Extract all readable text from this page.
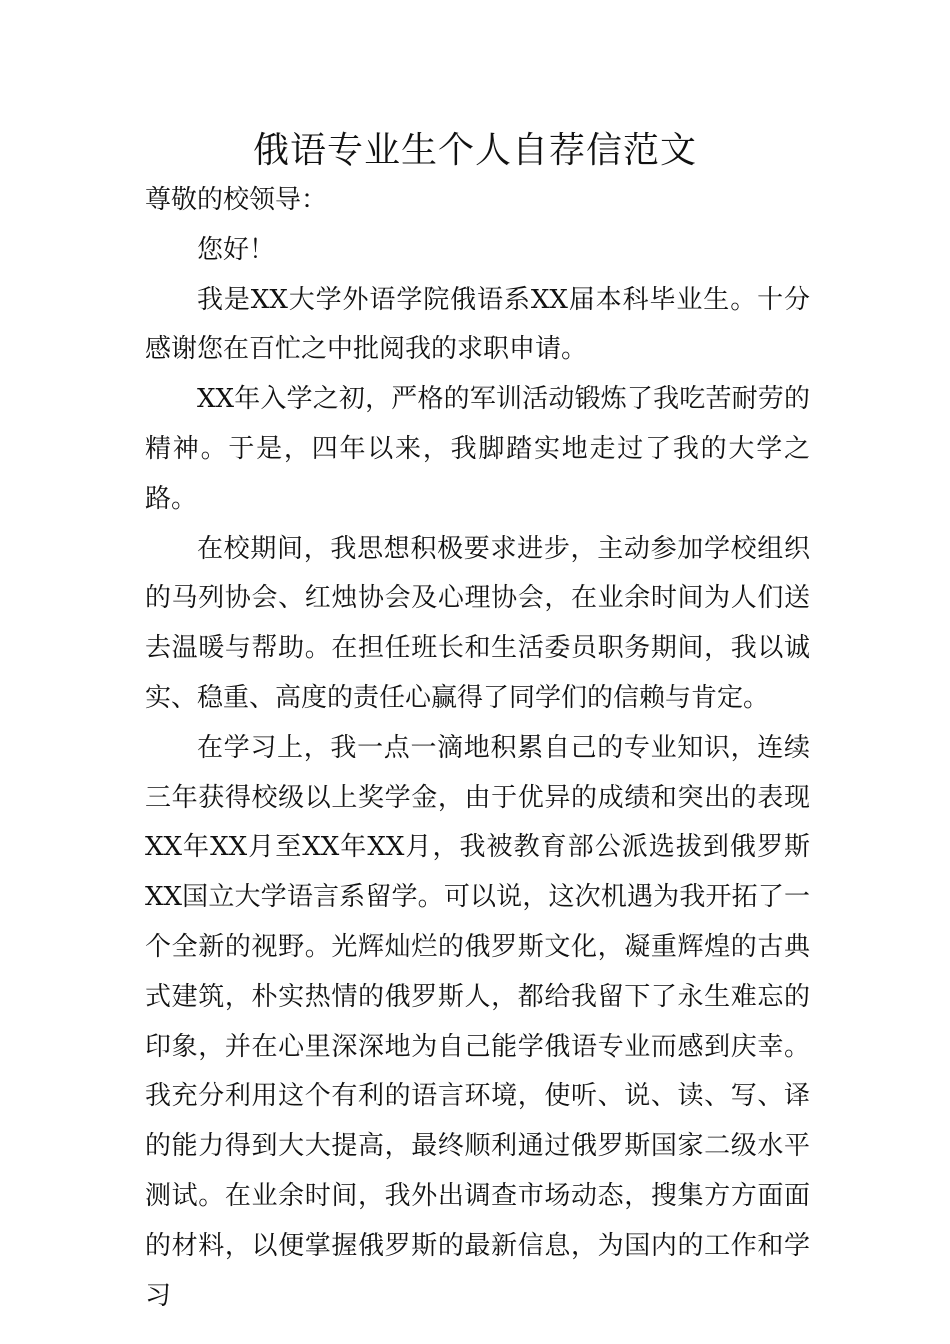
俄语专业生个人自荐信范文

尊敬的校领导：

您好！

我是XX大学外语学院俄语系XX届本科毕业生。十分感谢您在百忙之中批阅我的求职申请。

XX年入学之初，严格的军训活动锻炼了我吃苦耐劳的精神。于是，四年以来，我脚踏实地走过了我的大学之路。

在校期间，我思想积极要求进步，主动参加学校组织的马列协会、红烛协会及心理协会，在业余时间为人们送去温暖与帮助。在担任班长和生活委员职务期间，我以诚实、稳重、高度的责任心赢得了同学们的信赖与肯定。

在学习上，我一点一滴地积累自己的专业知识，连续三年获得校级以上奖学金，由于优异的成绩和突出的表现XX年XX月至XX年XX月，我被教育部公派选拔到俄罗斯XX国立大学语言系留学。可以说，这次机遇为我开拓了一个全新的视野。光辉灿烂的俄罗斯文化，凝重辉煌的古典式建筑，朴实热情的俄罗斯人，都给我留下了永生难忘的印象，并在心里深深地为自己能学俄语专业而感到庆幸。我充分利用这个有利的语言环境，使听、说、读、写、译的能力得到大大提高，最终顺利通过俄罗斯国家二级水平测试。在业余时间，我外出调查市场动态，搜集方方面面的材料，以便掌握俄罗斯的最新信息，为国内的工作和学习
